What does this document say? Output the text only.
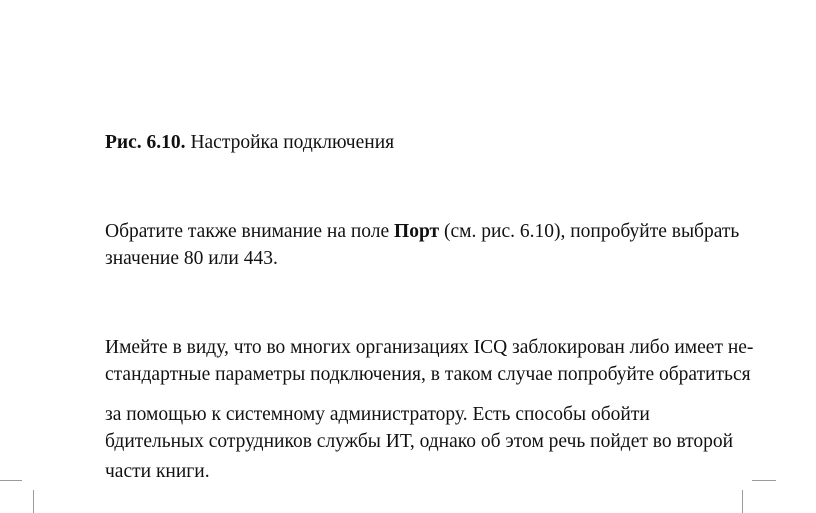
Рис. 6.10. Настройка подключения

Обратите также внимание на поле Порт (см. рис. 6.10), попробуйте выбрать

значение 80 или 443.

Имейте в виду, что во многих организациях ICQ заблокирован либо имеет не-

стандартные параметры подключения, в таком случае попробуйте обратиться

за помощью к системному администратору. Есть способы обойти

бдительных сотрудников службы ИТ, однако об этом речь пойдет во второй

части книги.
